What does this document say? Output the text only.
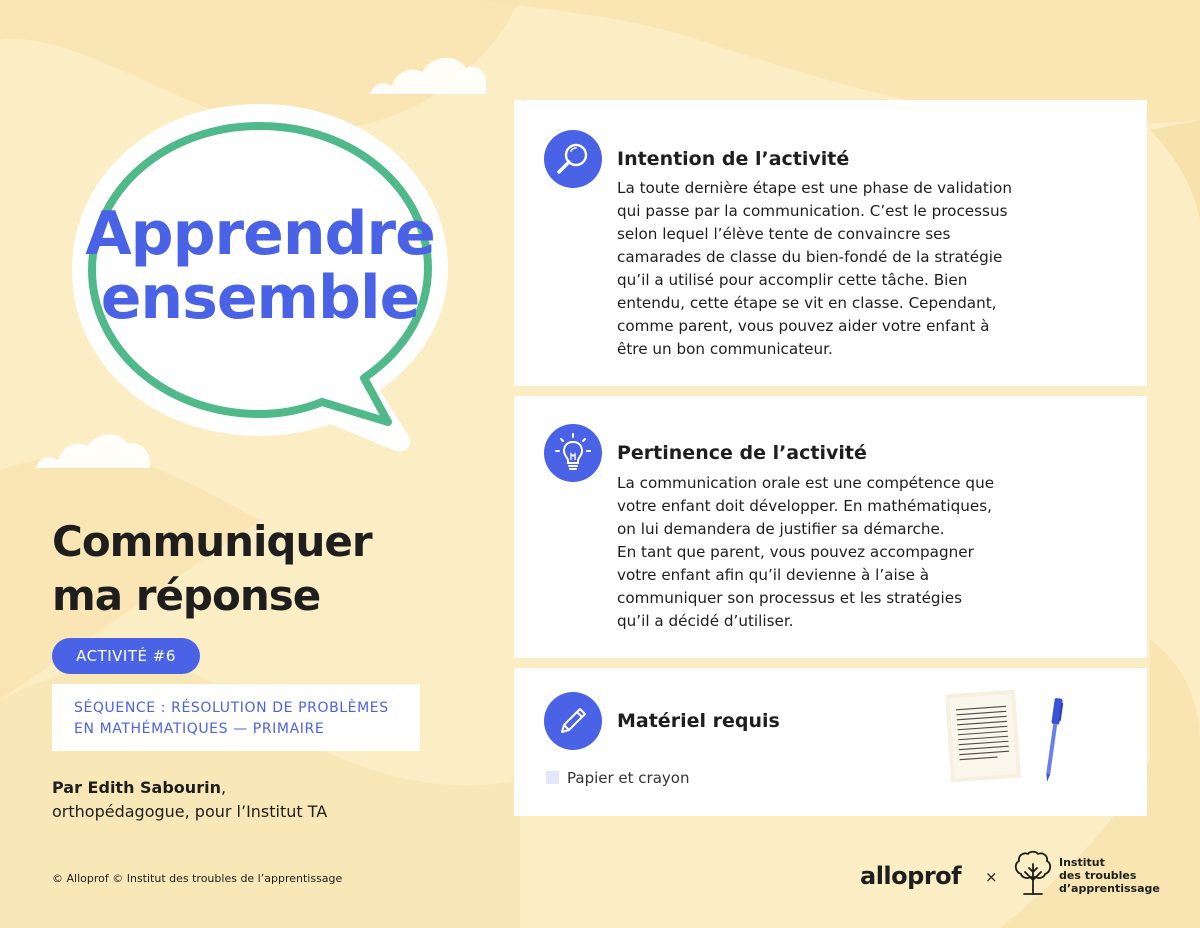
Apprendre
ensemble
Communiquer
ma réponse
ACTIVITÉ #6
SÉQUENCE : RÉSOLUTION DE PROBLÈMES
EN MATHÉMATIQUES — PRIMAIRE
Par Edith Sabourin,
orthopédagogue, pour l’Institut TA
© Alloprof © Institut des troubles de l’apprentissage	alloprof ×
Institut
des troubles
d’apprentissage
Intention de l’activité
La toute dernière étape est une phase de validation
qui passe par la communication. C’est le processus
selon lequel l’élève tente de convaincre ses
camarades de classe du bien-fondé de la stratégie
qu’il a utilisé pour accomplir cette tâche. Bien
entendu, cette étape se vit en classe. Cependant,
comme parent, vous pouvez aider votre enfant à
être un bon communicateur.
Pertinence de l’activité
La communication orale est une compétence que
votre enfant doit développer. En mathématiques,
on lui demandera de justifier sa démarche.
En tant que parent, vous pouvez accompagner
votre enfant afin qu’il devienne à l’aise à
communiquer son processus et les stratégies
qu’il a décidé d’utiliser.
Matériel requis
Papier et crayon
